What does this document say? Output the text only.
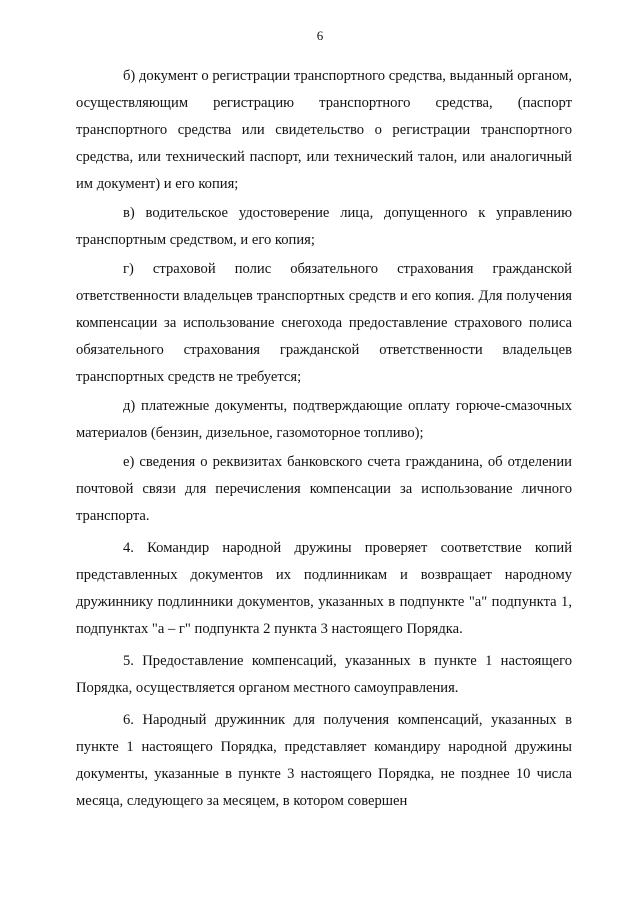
6

б) документ о регистрации транспортного средства, выданный органом, осуществляющим регистрацию транспортного средства, (паспорт транспортного средства или свидетельство о регистрации транспортного средства, или технический паспорт, или технический талон, или аналогичный им документ) и его копия;

в) водительское удостоверение лица, допущенного к управлению транспортным средством, и его копия;

г) страховой полис обязательного страхования гражданской ответственности владельцев транспортных средств и его копия. Для получения компенсации за использование снегохода предоставление страхового полиса обязательного страхования гражданской ответственности владельцев транспортных средств не требуется;

д) платежные документы, подтверждающие оплату горюче-смазочных материалов (бензин, дизельное, газомоторное топливо);

е) сведения о реквизитах банковского счета гражданина, об отделении почтовой связи для перечисления компенсации за использование личного транспорта.

4. Командир народной дружины проверяет соответствие копий представленных документов их подлинникам и возвращает народному дружиннику подлинники документов, указанных в подпункте "а" подпункта 1, подпунктах "а – г" подпункта 2 пункта 3 настоящего Порядка.

5. Предоставление компенсаций, указанных в пункте 1 настоящего Порядка, осуществляется органом местного самоуправления.

6. Народный дружинник для получения компенсаций, указанных в пункте 1 настоящего Порядка, представляет командиру народной дружины документы, указанные в пункте 3 настоящего Порядка, не позднее 10 числа месяца, следующего за месяцем, в котором совершен
